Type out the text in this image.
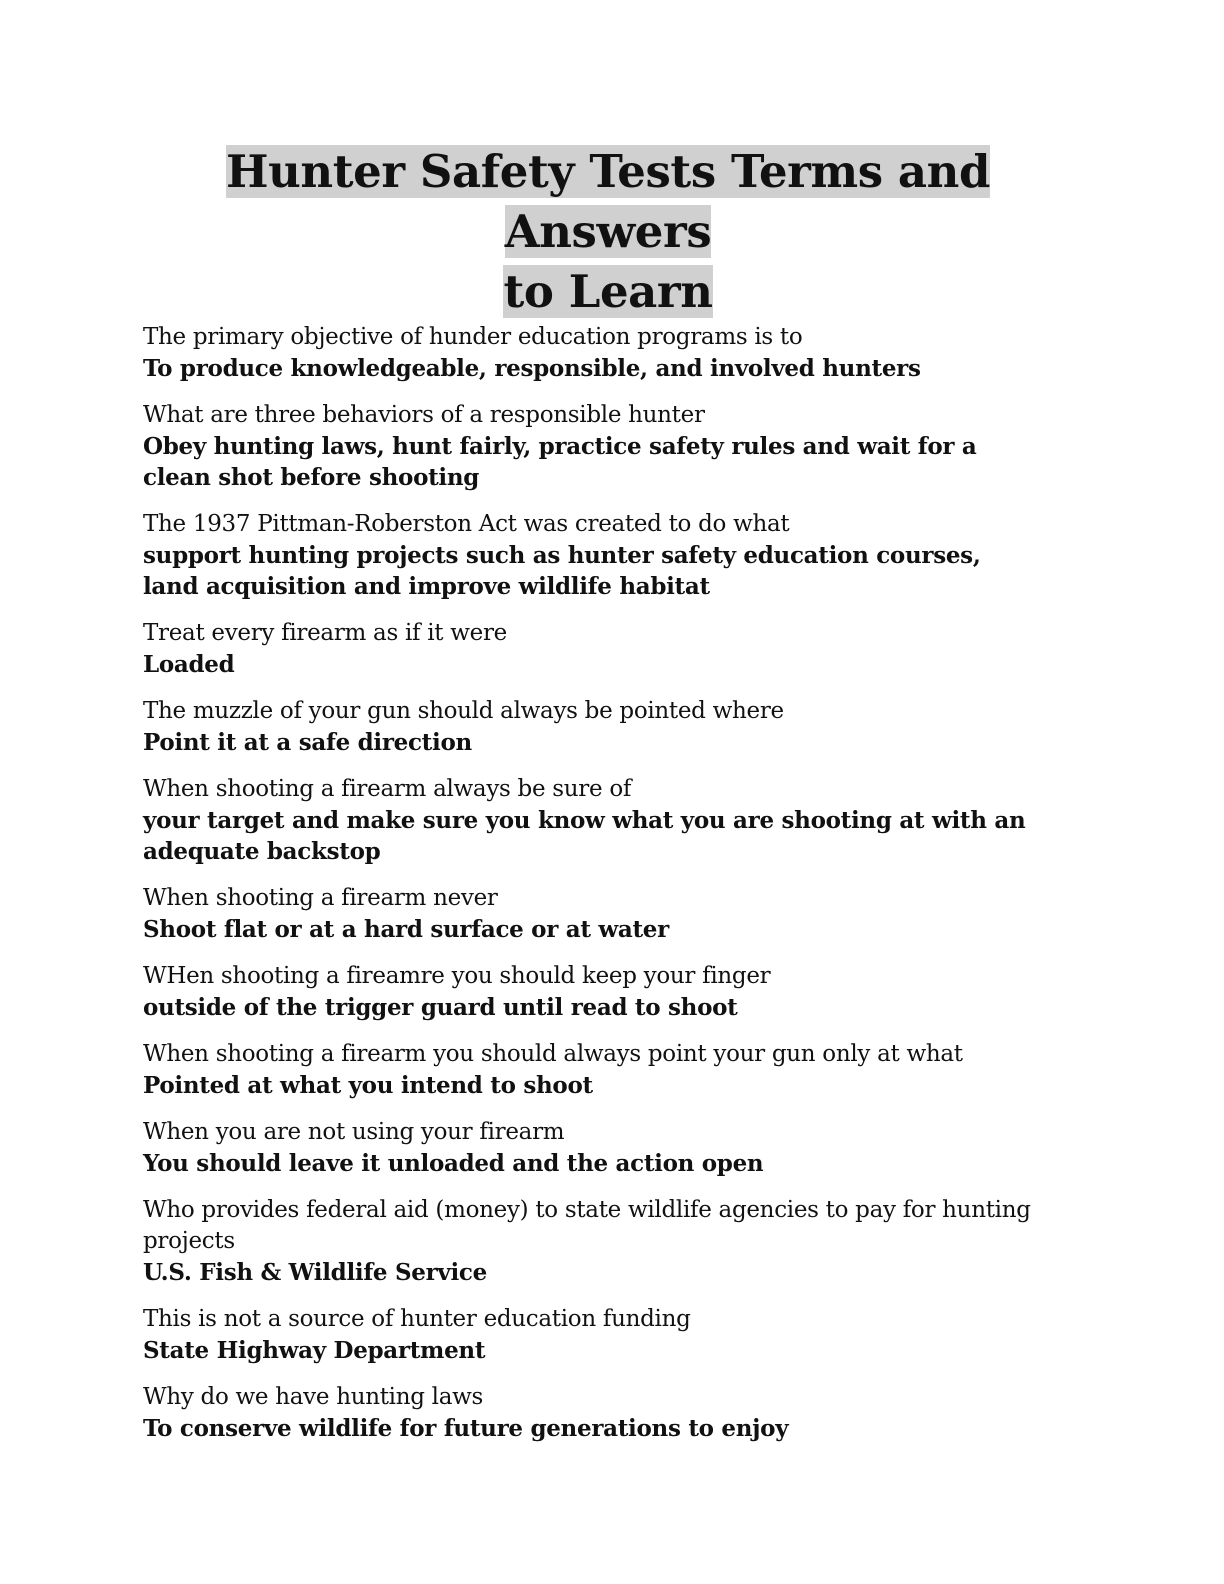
Hunter Safety Tests Terms and Answers
to Learn

The primary objective of hunder education programs is to

To produce knowledgeable, responsible, and involved hunters

What are three behaviors of a responsible hunter

Obey hunting laws, hunt fairly, practice safety rules and wait for a clean shot before shooting

The 1937 Pittman-Roberston Act was created to do what

support hunting projects such as hunter safety education courses, land acquisition and improve wildlife habitat

Treat every firearm as if it were

Loaded

The muzzle of your gun should always be pointed where

Point it at a safe direction

When shooting a firearm always be sure of

your target and make sure you know what you are shooting at with an adequate backstop

When shooting a firearm never

Shoot flat or at a hard surface or at water

WHen shooting a fireamre you should keep your finger

outside of the trigger guard until read to shoot

When shooting a firearm you should always point your gun only at what

Pointed at what you intend to shoot

When you are not using your firearm

You should leave it unloaded and the action open

Who provides federal aid (money) to state wildlife agencies to pay for hunting projects

U.S. Fish & Wildlife Service

This is not a source of hunter education funding

State Highway Department

Why do we have hunting laws

To conserve wildlife for future generations to enjoy
